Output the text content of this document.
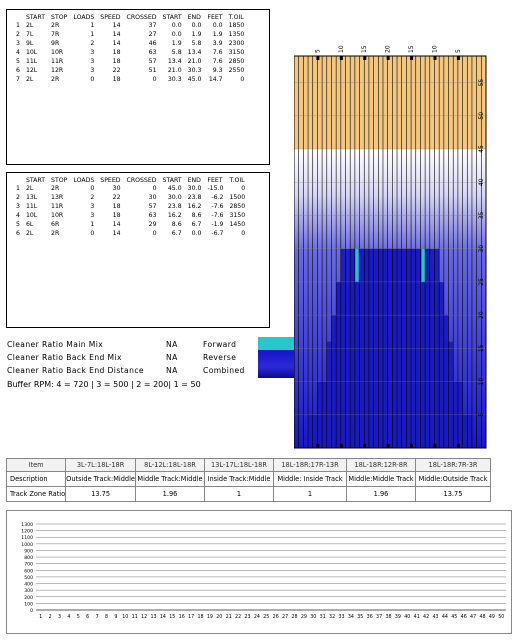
	START	STOP	LOADS	SPEED	CROSSED	START	END	FEET	T.OIL
1	2L	2R	1	14	37	0.0	0.0	0.0	1850
2	7L	7R	1	14	27	0.0	1.9	1.9	1350
3	9L	9R	2	14	46	1.9	5.8	3.9	2300
4	10L	10R	3	18	63	5.8	13.4	7.6	3150
5	11L	11R	3	18	57	13.4	21.0	7.6	2850
6	12L	12R	3	22	51	21.0	30.3	9.3	2550
7	2L	2R	0	18	0	30.3	45.0	14.7	0
	START	STOP	LOADS	SPEED	CROSSED	START	END	FEET	T.OIL
1	2L	2R	0	30	0	45.0	30.0	-15.0	0
2	13L	13R	2	22	30	30.0	23.8	-6.2	1500
3	11L	11R	3	18	57	23.8	16.2	-7.6	2850
4	10L	10R	3	18	63	16.2	8.6	-7.6	3150
5	6L	6R	1	14	29	8.6	6.7	-1.9	1450
6	2L	2R	0	14	0	6.7	0.0	-6.7	0
Cleaner Ratio Main Mix	NA
Cleaner Ratio Back End Mix	NA
Cleaner Ratio Back End Distance	NA
Forward
Reverse
Combined
Buffer RPM: 4 = 720 | 3 = 500 | 2 = 200| 1 = 50
5	10	15	20	15	10	5
5
10
15
20
25
30
35
40
45
50
55
Item	3L-7L:18L-18R	8L-12L:18L-18R	13L-17L:18L-18R	18L-18R:17R-13R	18L-18R:12R-8R	18L-18R:7R-3R
Description	Outside Track:Middle	Middle Track:Middle	Inside Track:Middle	Middle: Inside Track	Middle:Middle Track	Middle:Outside Track
Track Zone Ratio	13.75	1.96	1	1	1.96	13.75
0
100
200
300
400
500
600
700
800
900
1000
1100
1200
1300
1 2 3 4 5 6 7 8 9 10 11 12 13 14 15 16 17 18 19 20 21 22 23 24 25 26 27 28 29 30 31 32 33 34 35 36 37 38 39 40 41 42 43 44 45 46 47 48 49 50
